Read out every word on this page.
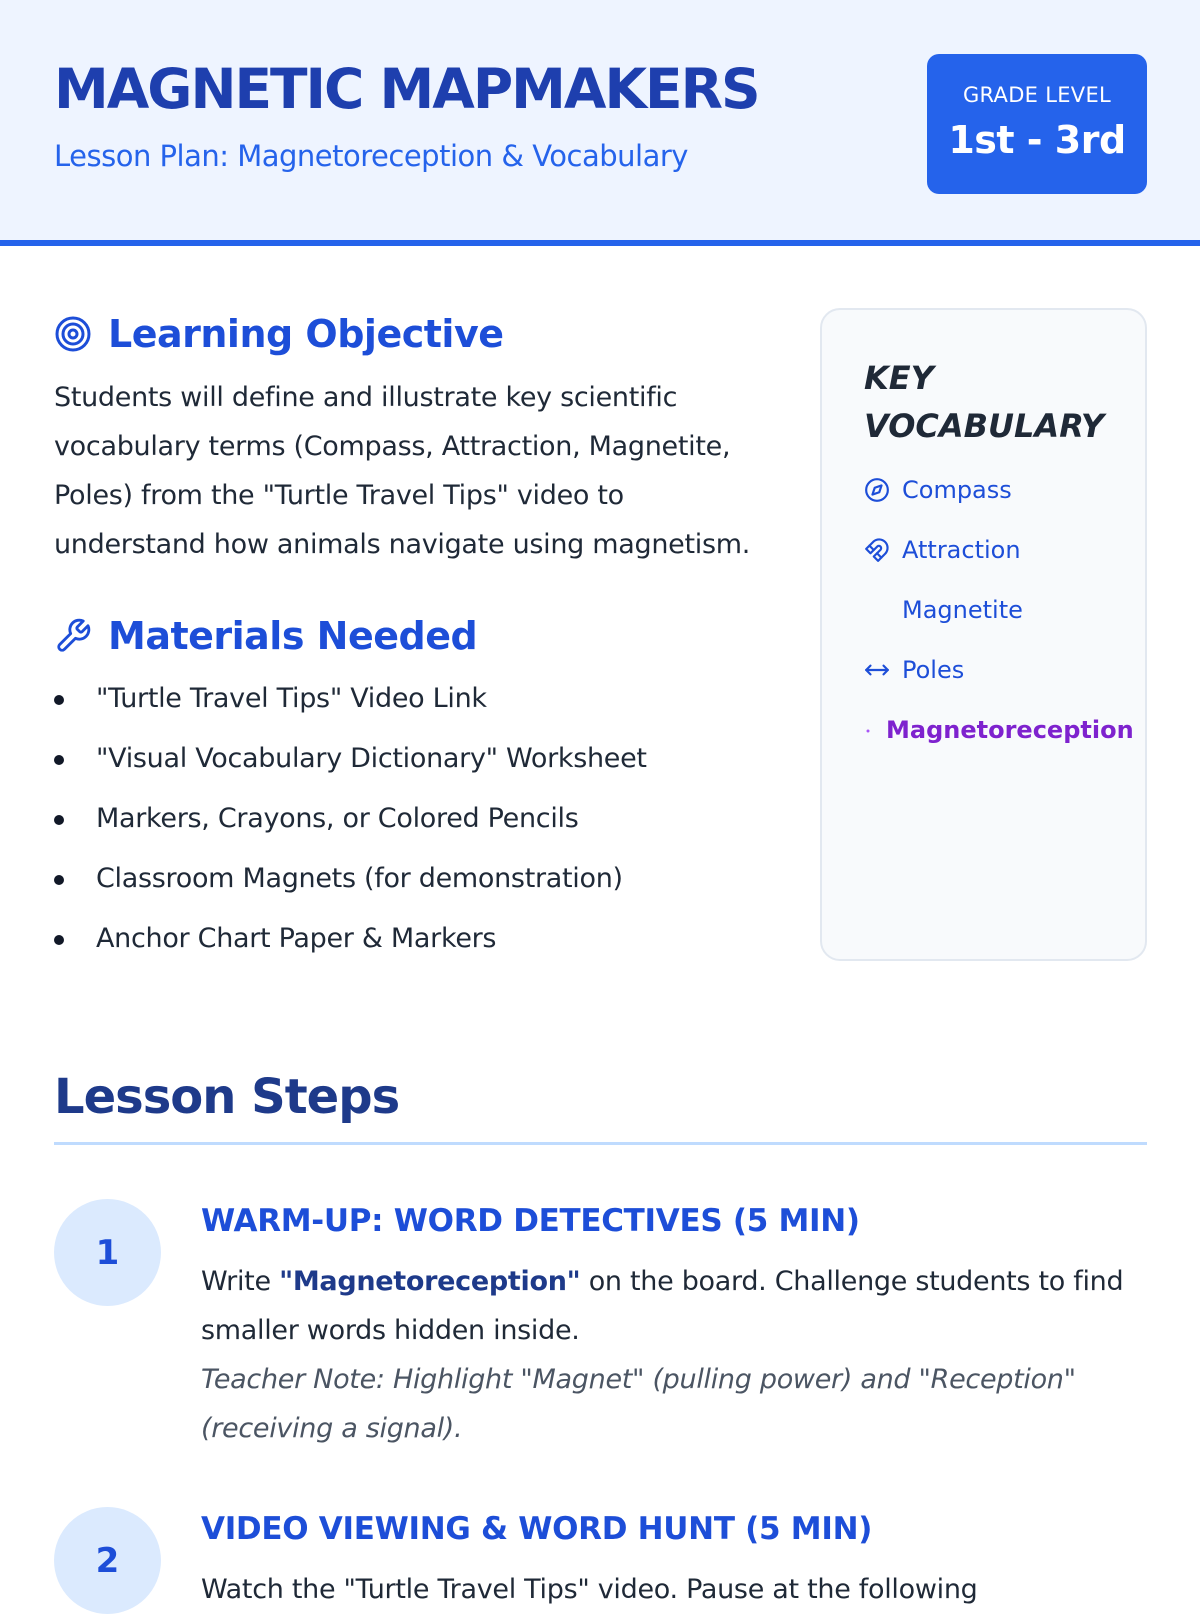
MAGNETIC MAPMAKERS

Lesson Plan: Magnetoreception & Vocabulary

GRADE LEVEL
1st - 3rd
Learning Objective

Students will define and illustrate key scientific vocabulary terms (Compass, Attraction, Magnetite, Poles) from the "Turtle Travel Tips" video to understand how animals navigate using magnetism.

Materials Needed
"Turtle Travel Tips" Video Link
"Visual Vocabulary Dictionary" Worksheet
Markers, Crayons, or Colored Pencils
Classroom Magnets (for demonstration)
Anchor Chart Paper & Markers
KEY VOCABULARY
Compass
Attraction
Magnetite
Poles
Magnetoreception
Lesson Steps
1
WARM-UP: WORD DETECTIVES (5 MIN)

Write "Magnetoreception" on the board. Challenge students to find smaller words hidden inside.

Teacher Note: Highlight "Magnet" (pulling power) and "Reception" (receiving a signal).

2
VIDEO VIEWING & WORD HUNT (5 MIN)

Watch the "Turtle Travel Tips" video. Pause at the following
